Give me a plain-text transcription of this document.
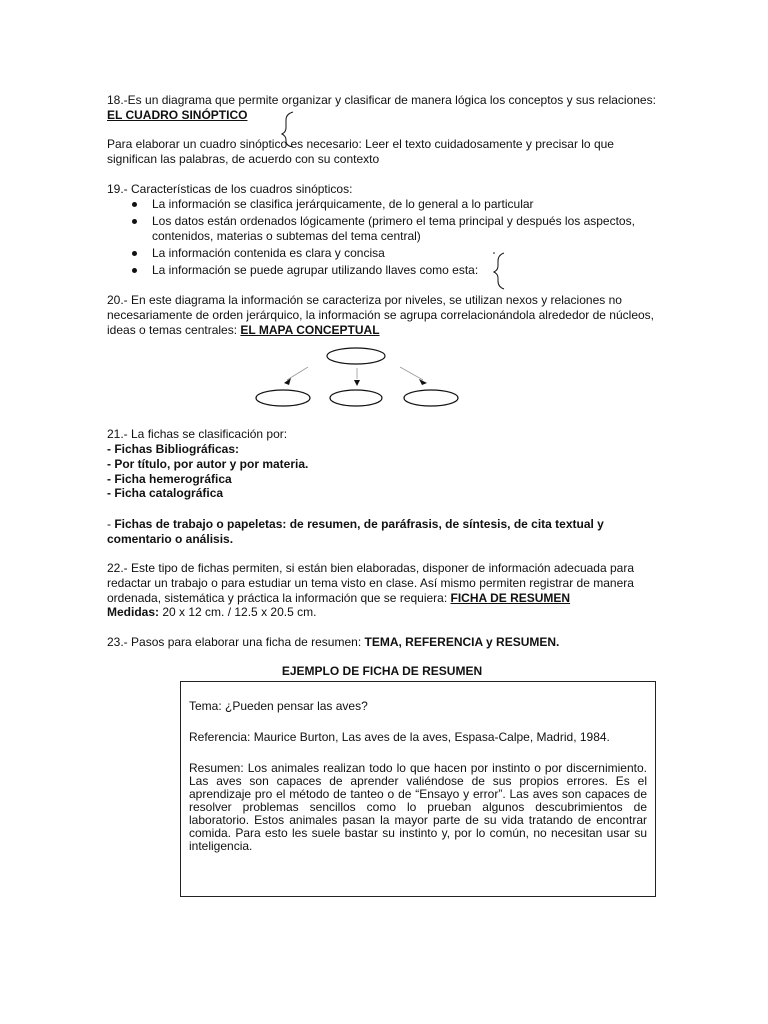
18.-Es un diagrama que permite organizar y clasificar de manera lógica los conceptos y sus relaciones: EL CUADRO SINÓPTICO

Para elaborar un cuadro sinóptico es necesario: Leer el texto cuidadosamente y precisar lo que significan las palabras, de acuerdo con su contexto

19.- Características de los cuadros sinópticos:

La información se clasifica jerárquicamente, de lo general a lo particular
Los datos están ordenados lógicamente (primero el tema principal y después los aspectos, contenidos, materias o subtemas del tema central)
La información contenida es clara y concisa
La información se puede agrupar utilizando llaves como esta:

20.- En este diagrama la información se caracteriza por niveles, se utilizan nexos y relaciones no necesariamente de orden jerárquico, la información se agrupa correlacionándola alrededor de núcleos, ideas o temas centrales: EL MAPA CONCEPTUAL

21.- La fichas se clasificación por:
- Fichas Bibliográficas:
- Por título, por autor y por materia.
- Ficha hemerográfica
- Ficha catalográfica

- Fichas de trabajo o papeletas: de resumen, de paráfrasis, de síntesis, de cita textual y comentario o análisis.

22.- Este tipo de fichas permiten, si están bien elaboradas, disponer de información adecuada para redactar un trabajo o para estudiar un tema visto en clase. Así mismo permiten registrar de manera ordenada, sistemática y práctica la información que se requiera: FICHA DE RESUMEN

Medidas: 20 x 12 cm. / 12.5 x 20.5 cm.
23.- Pasos para elaborar una ficha de resumen: TEMA, REFERENCIA y RESUMEN.
EJEMPLO DE FICHA DE RESUMEN

Tema: ¿Pueden pensar las aves?

Referencia: Maurice Burton, Las aves de la aves, Espasa-Calpe, Madrid, 1984.

Resumen: Los animales realizan todo lo que hacen por instinto o por discernimiento. Las aves son capaces de aprender valiéndose de sus propios errores. Es el aprendizaje pro el método de tanteo o de “Ensayo y error”. Las aves son capaces de resolver problemas sencillos como lo prueban algunos descubrimientos de laboratorio. Estos animales pasan la mayor parte de su vida tratando de encontrar comida. Para esto les suele bastar su instinto y, por lo común, no necesitan usar su inteligencia.
